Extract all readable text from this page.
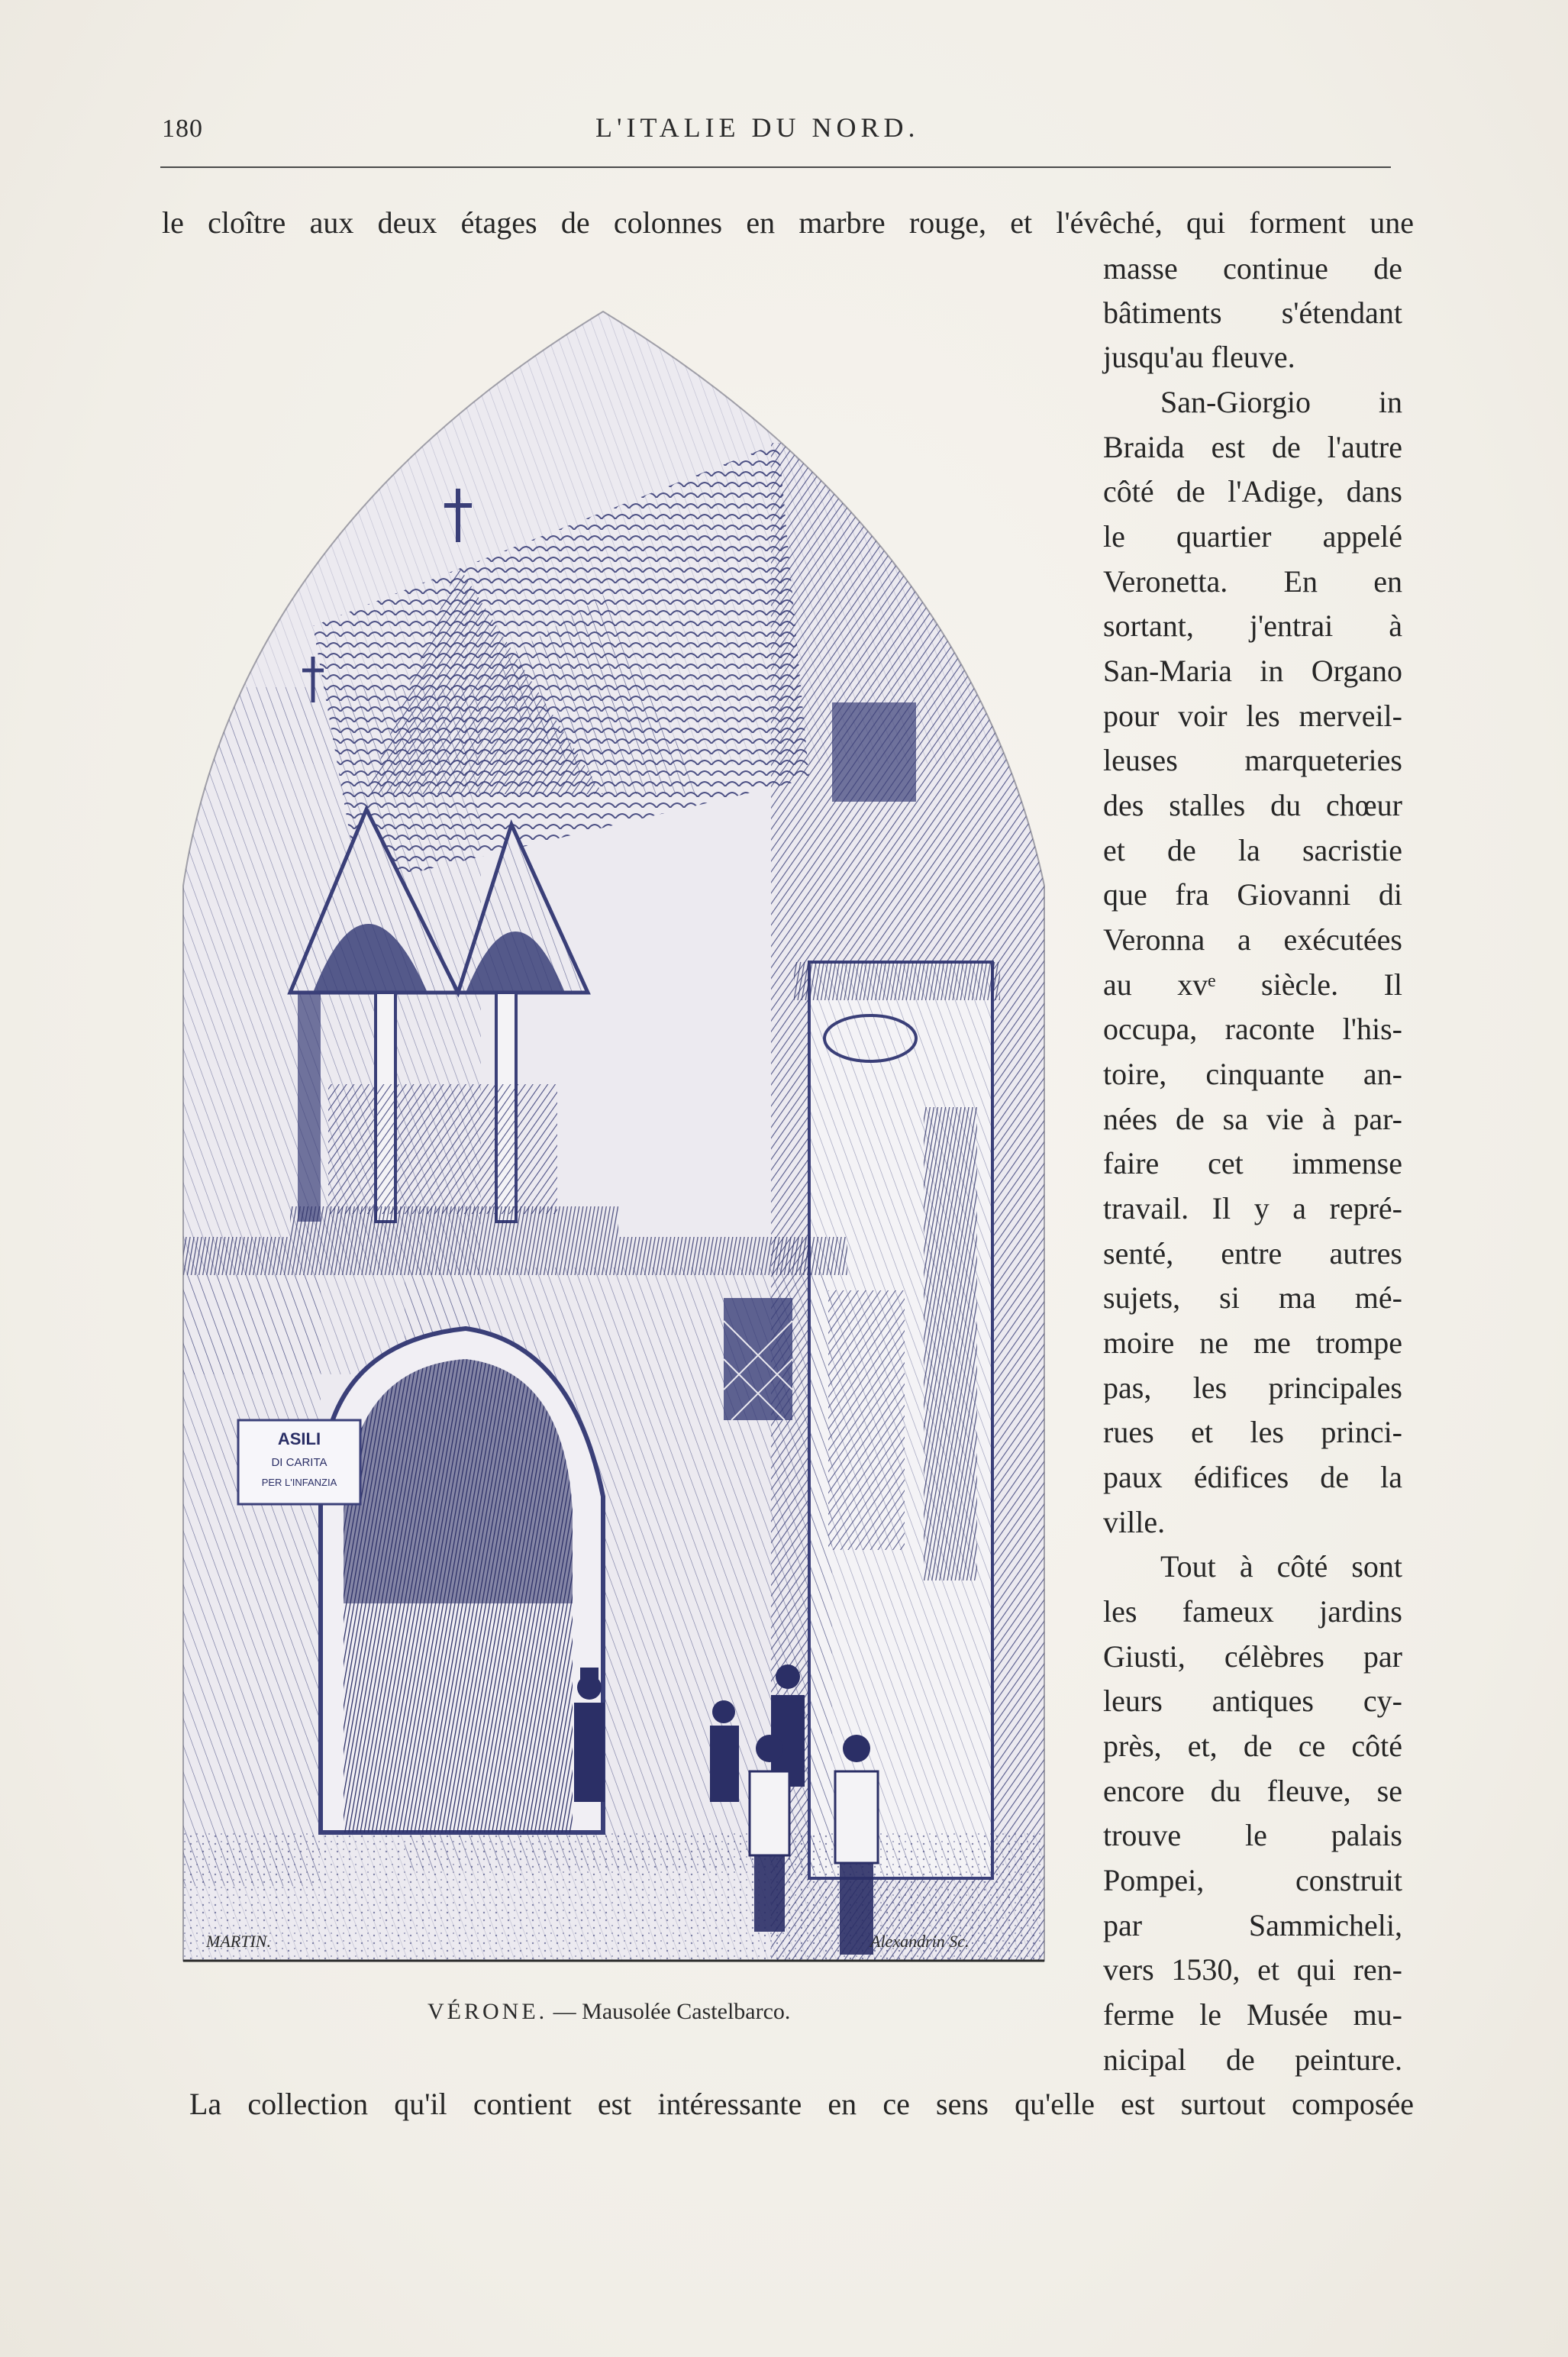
180	L'ITALIE DU NORD.
le cloître aux deux étages de colonnes en marbre rouge, et l'évêché, qui forment une
masse continue de
bâtiments s'étendant
jusqu'au fleuve.
San-Giorgio in
Braida est de l'autre
côté de l'Adige, dans
le quartier appelé
Veronetta. En en
sortant, j'entrai à
San-Maria in Organo
pour voir les merveil-
leuses marqueteries
des stalles du chœur
et de la sacristie
que fra Giovanni di
Veronna a exécutées
au xvᵉ siècle. Il
occupa, raconte l'his-
toire, cinquante an-
nées de sa vie à par-
faire cet immense
travail. Il y a repré-
senté, entre autres
sujets, si ma mé-
moire ne me trompe
pas, les principales
rues et les princi-
paux édifices de la
ville.
Tout à côté sont
les fameux jardins
Giusti, célèbres par
leurs antiques cy-
près, et, de ce côté
encore du fleuve, se
trouve le palais
Pompei, construit
par Sammicheli,
vers 1530, et qui ren-
ferme le Musée mu-
nicipal de peinture.
La collection qu'il contient est intéressante en ce sens qu'elle est surtout composée
ASILI
DI CARITA
PER L'INFANZIA
MARTIN.	Alexandrin Sc.
VÉRONE. — Mausolée Castelbarco.
